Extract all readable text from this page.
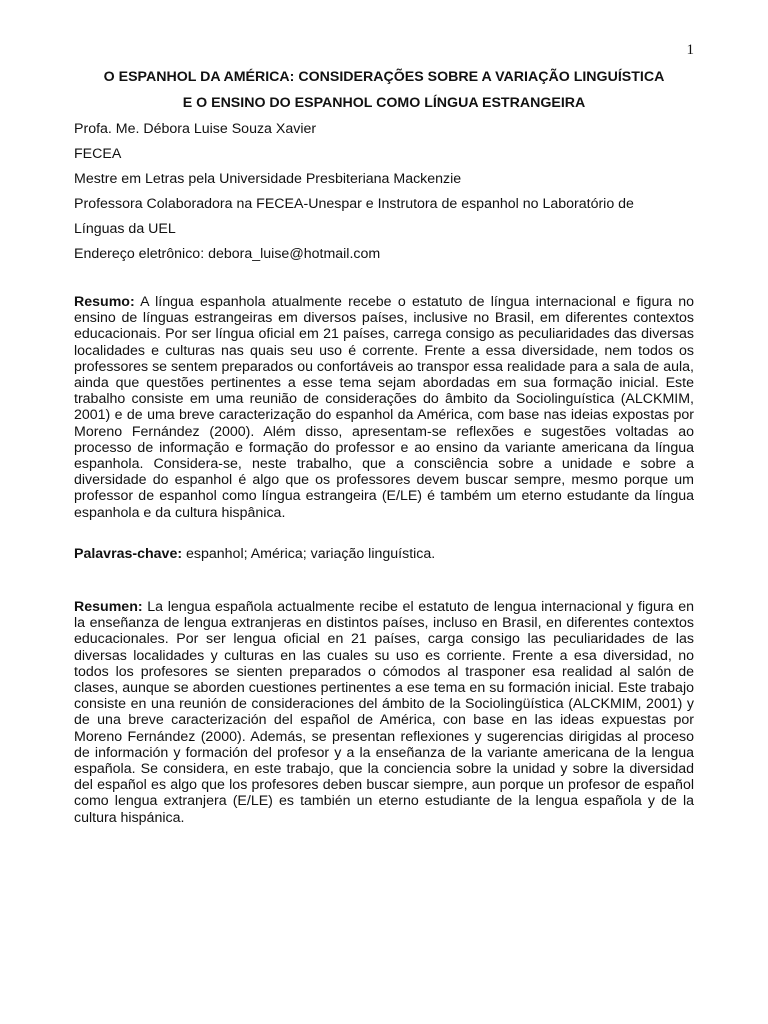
1
O ESPANHOL DA AMÉRICA: CONSIDERAÇÕES SOBRE A VARIAÇÃO LINGUÍSTICA
E O ENSINO DO ESPANHOL COMO LÍNGUA ESTRANGEIRA
Profa. Me. Débora Luise Souza Xavier
FECEA
Mestre em Letras pela Universidade Presbiteriana Mackenzie
Professora Colaboradora na FECEA-Unespar e Instrutora de espanhol no Laboratório de
Línguas da UEL
Endereço eletrônico: debora_luise@hotmail.com
Resumo: A língua espanhola atualmente recebe o estatuto de língua internacional e figura no ensino de línguas estrangeiras em diversos países, inclusive no Brasil, em diferentes contextos educacionais. Por ser língua oficial em 21 países, carrega consigo as peculiaridades das diversas localidades e culturas nas quais seu uso é corrente. Frente a essa diversidade, nem todos os professores se sentem preparados ou confortáveis ao transpor essa realidade para a sala de aula, ainda que questões pertinentes a esse tema sejam abordadas em sua formação inicial. Este trabalho consiste em uma reunião de considerações do âmbito da Sociolinguística (ALCKMIM, 2001) e de uma breve caracterização do espanhol da América, com base nas ideias expostas por Moreno Fernández (2000). Além disso, apresentam-se reflexões e sugestões voltadas ao processo de informação e formação do professor e ao ensino da variante americana da língua espanhola. Considera-se, neste trabalho, que a consciência sobre a unidade e sobre a diversidade do espanhol é algo que os professores devem buscar sempre, mesmo porque um professor de espanhol como língua estrangeira (E/LE) é também um eterno estudante da língua espanhola e da cultura hispânica.
Palavras-chave: espanhol; América; variação linguística.
Resumen: La lengua española actualmente recibe el estatuto de lengua internacional y figura en la enseñanza de lengua extranjeras en distintos países, incluso en Brasil, en diferentes contextos educacionales. Por ser lengua oficial en 21 países, carga consigo las peculiaridades de las diversas localidades y culturas en las cuales su uso es corriente. Frente a esa diversidad, no todos los profesores se sienten preparados o cómodos al trasponer esa realidad al salón de clases, aunque se aborden cuestiones pertinentes a ese tema en su formación inicial. Este trabajo consiste en una reunión de consideraciones del ámbito de la Sociolingüística (ALCKMIM, 2001) y de una breve caracterización del español de América, con base en las ideas expuestas por Moreno Fernández (2000). Además, se presentan reflexiones y sugerencias dirigidas al proceso de información y formación del profesor y a la enseñanza de la variante americana de la lengua española. Se considera, en este trabajo, que la conciencia sobre la unidad y sobre la diversidad del español es algo que los profesores deben buscar siempre, aun porque un profesor de español como lengua extranjera (E/LE) es también un eterno estudiante de la lengua española y de la cultura hispánica.
